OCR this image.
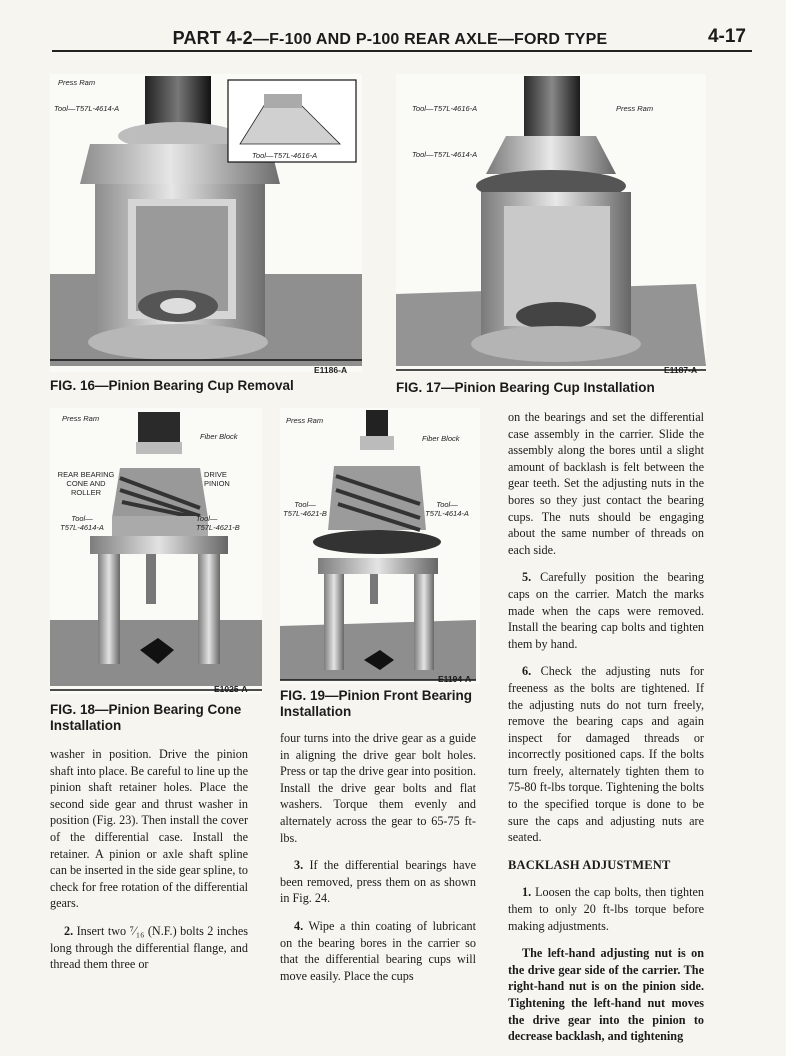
PART 4-2—F-100 AND P-100 REAR AXLE—FORD TYPE	4-17
Press Ram
Tool—T57L-4614-A
Tool—T57L-4616-A
E1186-A
FIG. 16—Pinion Bearing Cup Removal
Tool—T57L-4616-A
Tool—T57L-4614-A
Press Ram
E1187-A
FIG. 17—Pinion Bearing Cup Installation
Press Ram
Fiber Block
REAR BEARING
CONE AND
ROLLER
DRIVE
PINION
Tool—
T57L-4614-A
Tool—
T57L-4621-B
E1025-A
FIG. 18—Pinion Bearing Cone Installation
Press Ram
Fiber Block
Tool—
T57L-4621-B
Tool—
T57L-4614-A
E1194-A
FIG. 19—Pinion Front Bearing Installation

washer in position. Drive the pinion shaft into place. Be careful to line up the pinion shaft retainer holes. Place the second side gear and thrust washer in position (Fig. 23). Then install the cover of the differential case. Install the retainer. A pinion or axle shaft spline can be inserted in the side gear spline, to check for free rotation of the differential gears.

2. Insert two ⁷⁄₁₆ (N.F.) bolts 2 inches long through the differential flange, and thread them three or

four turns into the drive gear as a guide in aligning the drive gear bolt holes. Press or tap the drive gear into position. Install the drive gear bolts and flat washers. Torque them evenly and alternately across the gear to 65-75 ft-lbs.

3. If the differential bearings have been removed, press them on as shown in Fig. 24.

4. Wipe a thin coating of lubricant on the bearing bores in the carrier so that the differential bearing cups will move easily. Place the cups

on the bearings and set the differential case assembly in the carrier. Slide the assembly along the bores until a slight amount of backlash is felt between the gear teeth. Set the adjusting nuts in the bores so they just contact the bearing cups. The nuts should be engaging about the same number of threads on each side.

5. Carefully position the bearing caps on the carrier. Match the marks made when the caps were removed. Install the bearing cap bolts and tighten them by hand.

6. Check the adjusting nuts for freeness as the bolts are tightened. If the adjusting nuts do not turn freely, remove the bearing caps and again inspect for damaged threads or incorrectly positioned caps. If the bolts turn freely, alternately tighten them to 75-80 ft-lbs torque. Tightening the bolts to the specified torque is done to be sure the caps and adjusting nuts are seated.

BACKLASH ADJUSTMENT

1. Loosen the cap bolts, then tighten them to only 20 ft-lbs torque before making adjustments.

The left-hand adjusting nut is on the drive gear side of the carrier. The right-hand nut is on the pinion side. Tightening the left-hand nut moves the drive gear into the pinion to decrease backlash, and tightening
